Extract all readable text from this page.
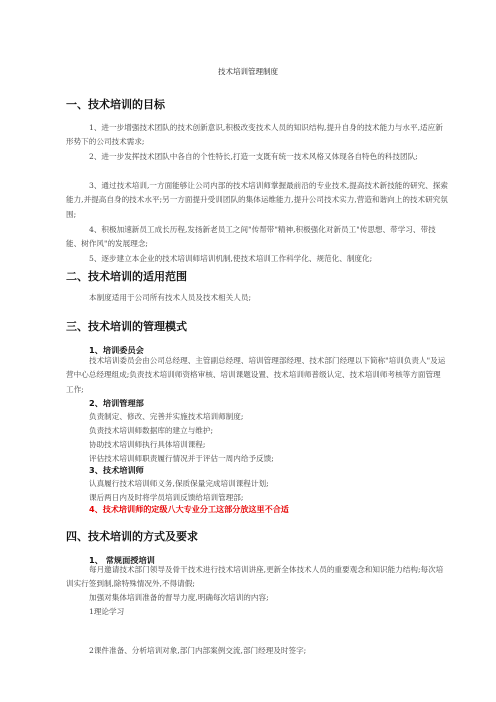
技术培训管理制度
一、技术培训的目标
1、进一步增强技术团队的技术创新意识,积极改变技术人员的知识结构,提升自身的技术能力与水平,适应新形势下的公司技术需求;
2、进一步发挥技术团队中各自的个性特长,打造一支既有统一技术风格又体现各自特色的科技团队;
3、通过技术培训,一方面能够让公司内部的技术培训师掌握最前沿的专业技术,提高技术新技能的研究、探索能力,并提高自身的技术水平;另一方面提升受训团队的集体运维能力,提升公司技术实力,营造和谐向上的技术研究氛围;
4、积极加速新员工成长历程,发扬新老员工之间"传帮带"精神,积极强化对新员工"传思想、带学习、带技能、树作风"的发展理念;
5、逐步建立本企业的技术培训师培训机制,使技术培训工作科学化、规范化、制度化;
二、技术培训的适用范围
本制度适用于公司所有技术人员及技术相关人员;
三、技术培训的管理模式
1、培训委员会
技术培训委员会由公司总经理、主管副总经理、培训管理部经理、技术部门经理以下简称"培训负责人"及运营中心总经理组成;负责技术培训师资格审核、培训课题设置、技术培训师普级认定、技术培训师考核等方面管理工作;
2、培训管理部
负责制定、修改、完善并实施技术培训师制度;
负责技术培训师数据库的建立与维护;
协助技术培训师执行具体培训课程;
评估技术培训师职责履行情况并于评估一周内给予反馈;
3、技术培训师
认真履行技术培训师义务,保质保量完成培训课程计划;
课后两日内及时将学员培训反馈给培训管理部;
4、技术培训师的定级八大专业分工这部分放这里不合适
四、技术培训的方式及要求
1、 常规面授培训
每月邀请技术部门领导及骨干技术进行技术培训讲座,更新全体技术人员的重要观念和知识能力结构;每次培训实行签到制,除特殊情况外,不得请假;
加强对集体培训准备的督导力度,明确每次培训的内容;
1理论学习
2课件准备、分析培训对象,部门内部案例交流,部门经理及时签字;
